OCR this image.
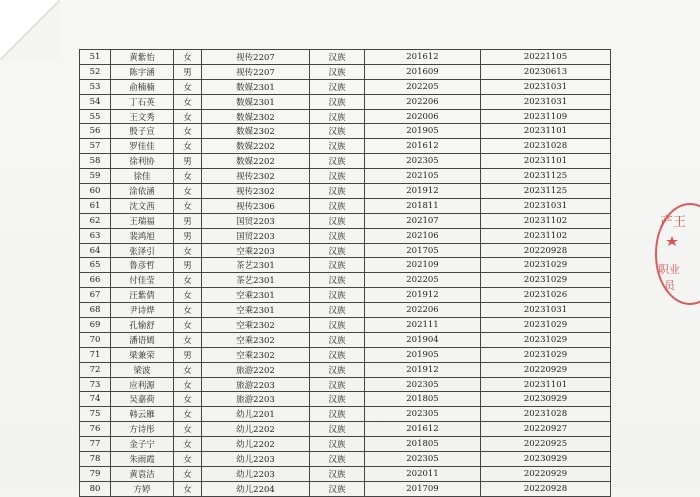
51	黄紫怡	女	视传2207	汉族	201612	20221105
52	陈宇涵	男	视传2207	汉族	201609	20230613
53	俞楠楠	女	数媒2301	汉族	202205	20231031
54	丁石英	女	数媒2301	汉族	202206	20231031
55	王文秀	女	数媒2302	汉族	202006	20231109
56	殷子宣	女	数媒2302	汉族	201905	20231101
57	罗佳佳	女	数媒2202	汉族	201612	20231028
58	徐利协	男	数媒2202	汉族	202305	20231101
59	徐佳	女	视传2302	汉族	202105	20231125
60	涂依涵	女	视传2302	汉族	201912	20231125
61	沈文茜	女	视传2306	汉族	201811	20231031
62	王瑞福	男	国贸2203	汉族	202107	20231102
63	裴鸿旭	男	国贸2203	汉族	202106	20231102
64	张泽引	女	空乘2203	汉族	201705	20220928
65	鲁彦哲	男	茶艺2301	汉族	202109	20231029
66	付佳莹	女	茶艺2301	汉族	202205	20231029
67	汪紫倩	女	空乘2301	汉族	201912	20231026
68	尹诗烨	女	空乘2301	汉族	202206	20231031
69	孔愉舒	女	空乘2302	汉族	202111	20231029
70	潘语嫣	女	空乘2302	汉族	201904	20231029
71	梁兼荣	男	空乘2302	汉族	201905	20231029
72	梁波	女	旅游2202	汉族	201912	20220929
73	应利源	女	旅游2203	汉族	202305	20231101
74	吴嘉荷	女	旅游2203	汉族	201805	20230929
75	韩云雁	女	幼儿2201	汉族	202305	20231028
76	方诗彤	女	幼儿2202	汉族	201612	20220927
77	金子宁	女	幼儿2202	汉族	201805	20220925
78	朱雨霞	女	幼儿2203	汉族	202305	20230929
79	黄袁洁	女	幼儿2203	汉族	202011	20220929
80	方婷	女	幼儿2204	汉族	201709	20220928
产王
职业
员
